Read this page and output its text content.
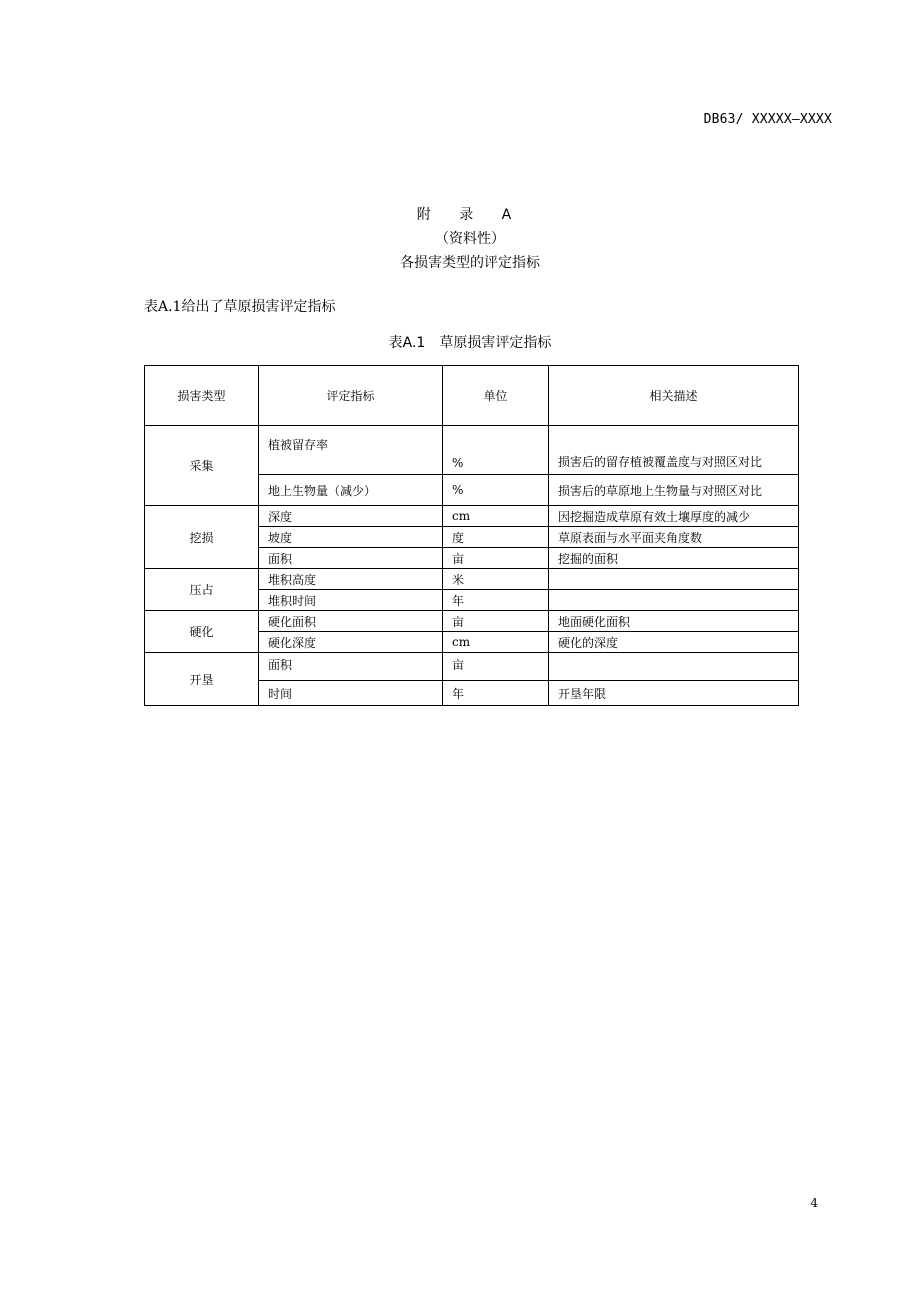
DB63/ XXXXX—XXXX
附 录 A
（资料性）
各损害类型的评定指标
表A.1给出了草原损害评定指标
表A.1　草原损害评定指标
损害类型	评定指标	单位	相关描述
采集	植被留存率	%	损害后的留存植被覆盖度与对照区对比
	地上生物量（减少）	%	损害后的草原地上生物量与对照区对比
挖损	深度	cm	因挖掘造成草原有效土壤厚度的减少
	坡度	度	草原表面与水平面夹角度数
	面积	亩	挖掘的面积
压占	堆积高度	米	
	堆积时间	年	
硬化	硬化面积	亩	地面硬化面积
	硬化深度	cm	硬化的深度
开垦	面积	亩	
	时间	年	开垦年限
4
